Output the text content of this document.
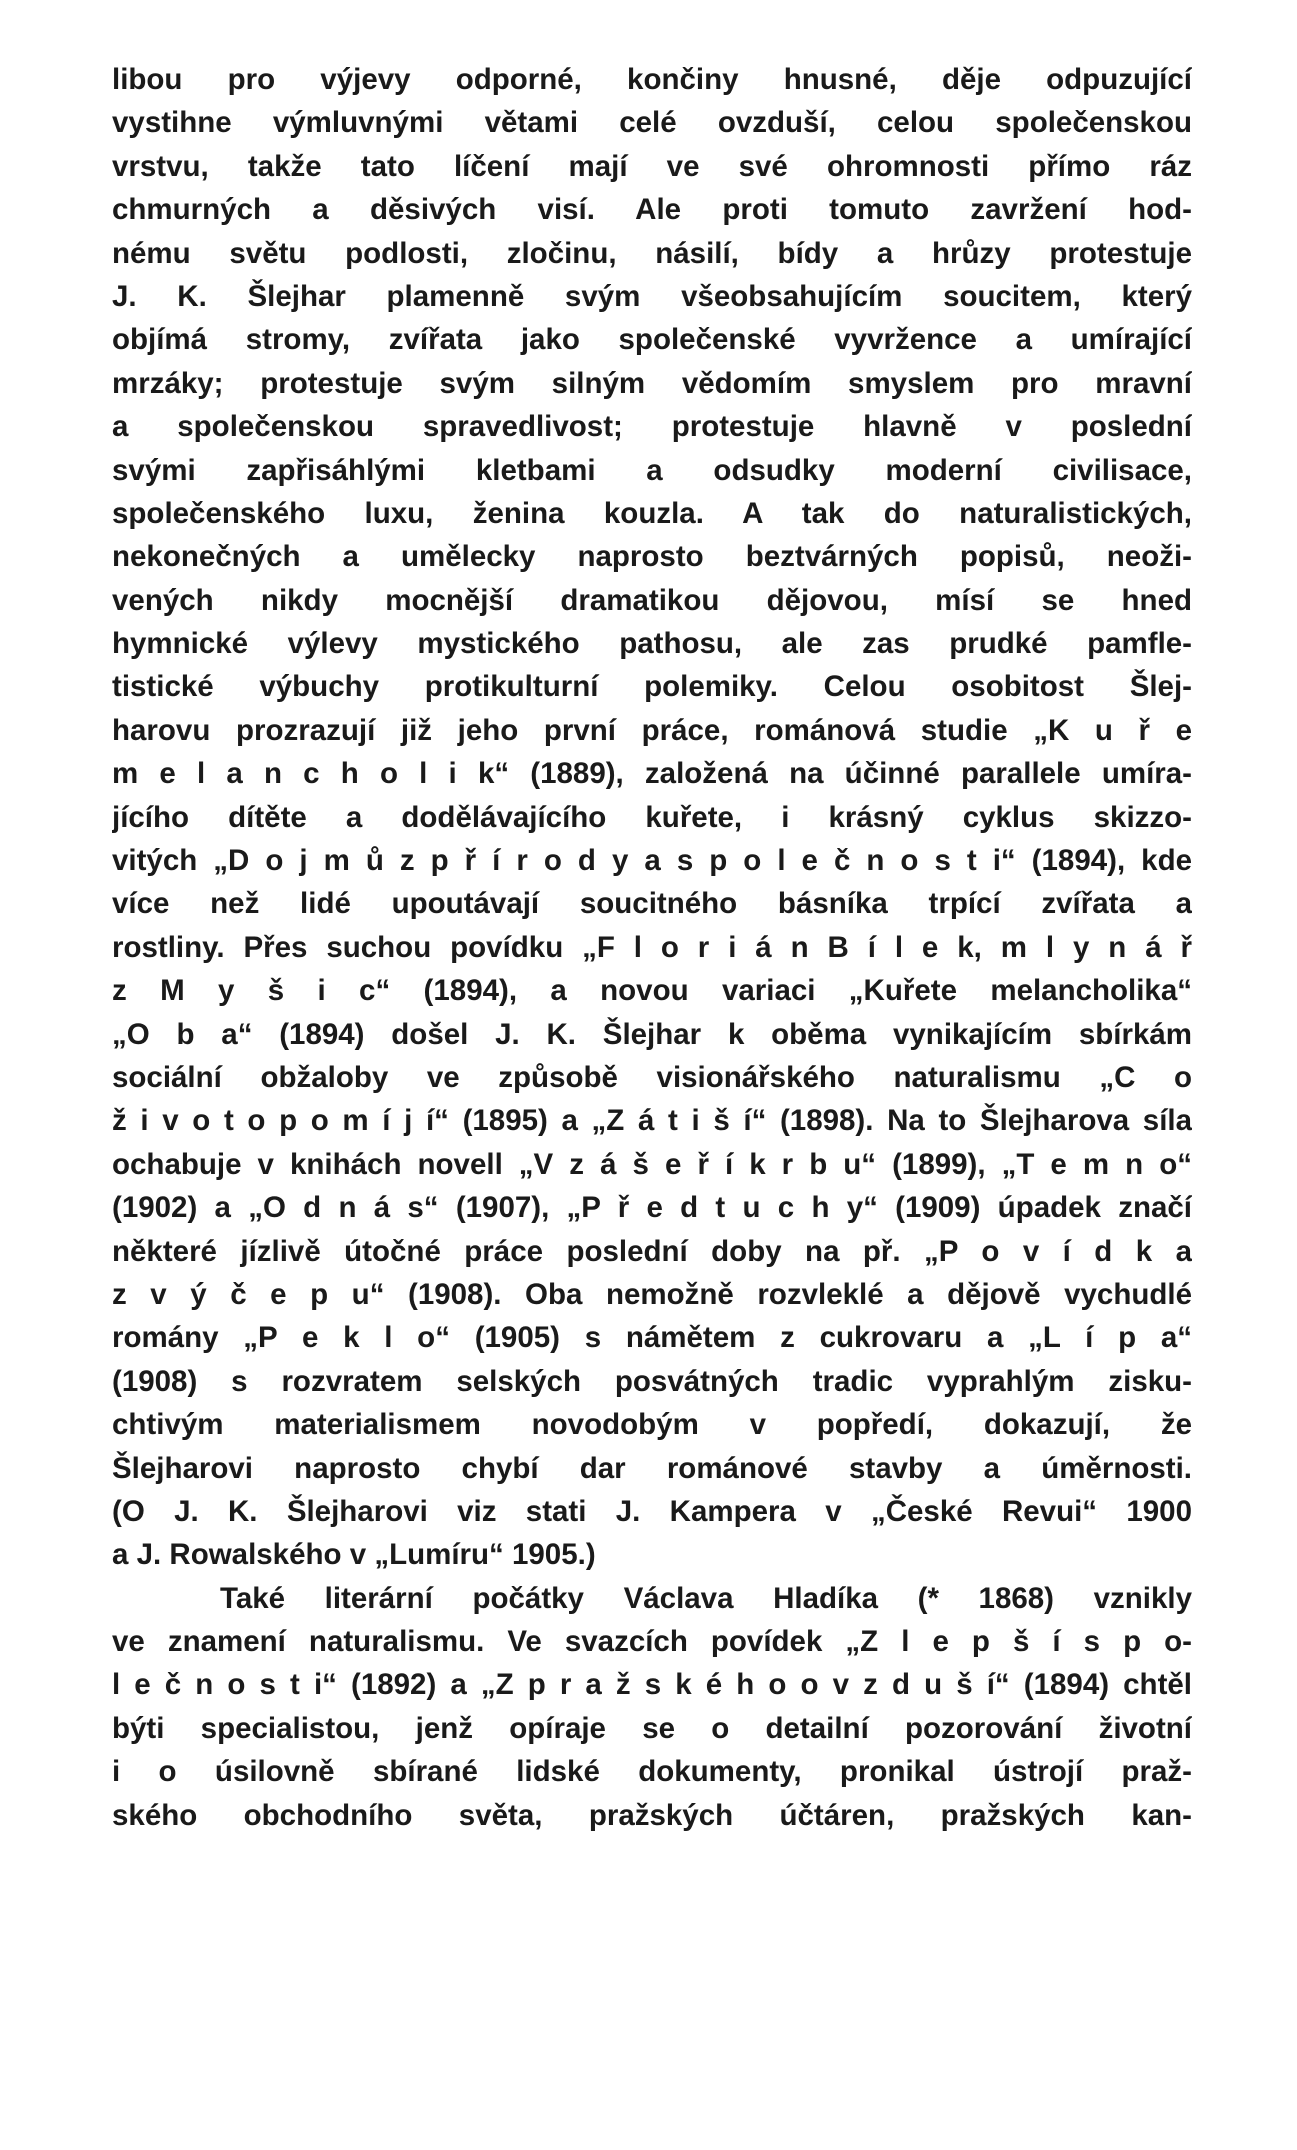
libou pro výjevy odporné, končiny hnusné, děje odpuzující
vystihne výmluvnými větami celé ovzduší, celou společenskou
vrstvu, takže tato líčení mají ve své ohromnosti přímo ráz
chmurných a děsivých visí. Ale proti tomuto zavržení hod-
nému světu podlosti, zločinu, násilí, bídy a hrůzy protestuje
J. K. Šlejhar plamenně svým všeobsahujícím soucitem, který
objímá stromy, zvířata jako společenské vyvržence a umírající
mrzáky; protestuje svým silným vědomím smyslem pro mravní
a společenskou spravedlivost; protestuje hlavně v poslední
svými zapřisáhlými kletbami a odsudky moderní civilisace,
společenského luxu, ženina kouzla. A tak do naturalistických,
nekonečných a umělecky naprosto beztvárných popisů, neoži-
vených nikdy mocnější dramatikou dějovou, mísí se hned
hymnické výlevy mystického pathosu, ale zas prudké pamfle-
tistické výbuchy protikulturní polemiky. Celou osobitost Šlej-
harovu prozrazují již jeho první práce, románová studie „K u ř e
m e l a n c h o l i k“ (1889), založená na účinné parallele umíra-
jícího dítěte a dodělávajícího kuřete, i krásný cyklus skizzo-
vitých „D o j m ů z p ř í r o d y a s p o l e č n o s t i“ (1894), kde
více než lidé upoutávají soucitného básníka trpící zvířata a
rostliny. Přes suchou povídku „F l o r i á n B í l e k, m l y n á ř
z M y š i c“ (1894), a novou variaci „Kuřete melancholika“
„O b a“ (1894) došel J. K. Šlejhar k oběma vynikajícím sbírkám
sociální obžaloby ve způsobě visionářského naturalismu „C o
ž i v o t o p o m í j í“ (1895) a „Z á t i š í“ (1898). Na to Šlejharova síla
ochabuje v knihách novell „V z á š e ř í k r b u“ (1899), „T e m n o“
(1902) a „O d n á s“ (1907), „P ř e d t u c h y“ (1909) úpadek značí
některé jízlivě útočné práce poslední doby na př. „P o v í d k a
z v ý č e p u“ (1908). Oba nemožně rozvleklé a dějově vychudlé
romány „P e k l o“ (1905) s námětem z cukrovaru a „L í p a“
(1908) s rozvratem selských posvátných tradic vyprahlým zisku-
chtivým materialismem novodobým v popředí, dokazují, že
Šlejharovi naprosto chybí dar románové stavby a úměrnosti.
(O J. K. Šlejharovi viz stati J. Kampera v „České Revui“ 1900
a J. Rowalského v „Lumíru“ 1905.)
Také literární počátky Václava Hladíka (* 1868) vznikly
ve znamení naturalismu. Ve svazcích povídek „Z l e p š í s p o-
l e č n o s t i“ (1892) a „Z p r a ž s k é h o o v z d u š í“ (1894) chtěl
býti specialistou, jenž opíraje se o detailní pozorování životní
i o úsilovně sbírané lidské dokumenty, pronikal ústrojí praž-
ského obchodního světa, pražských účtáren, pražských kan-
